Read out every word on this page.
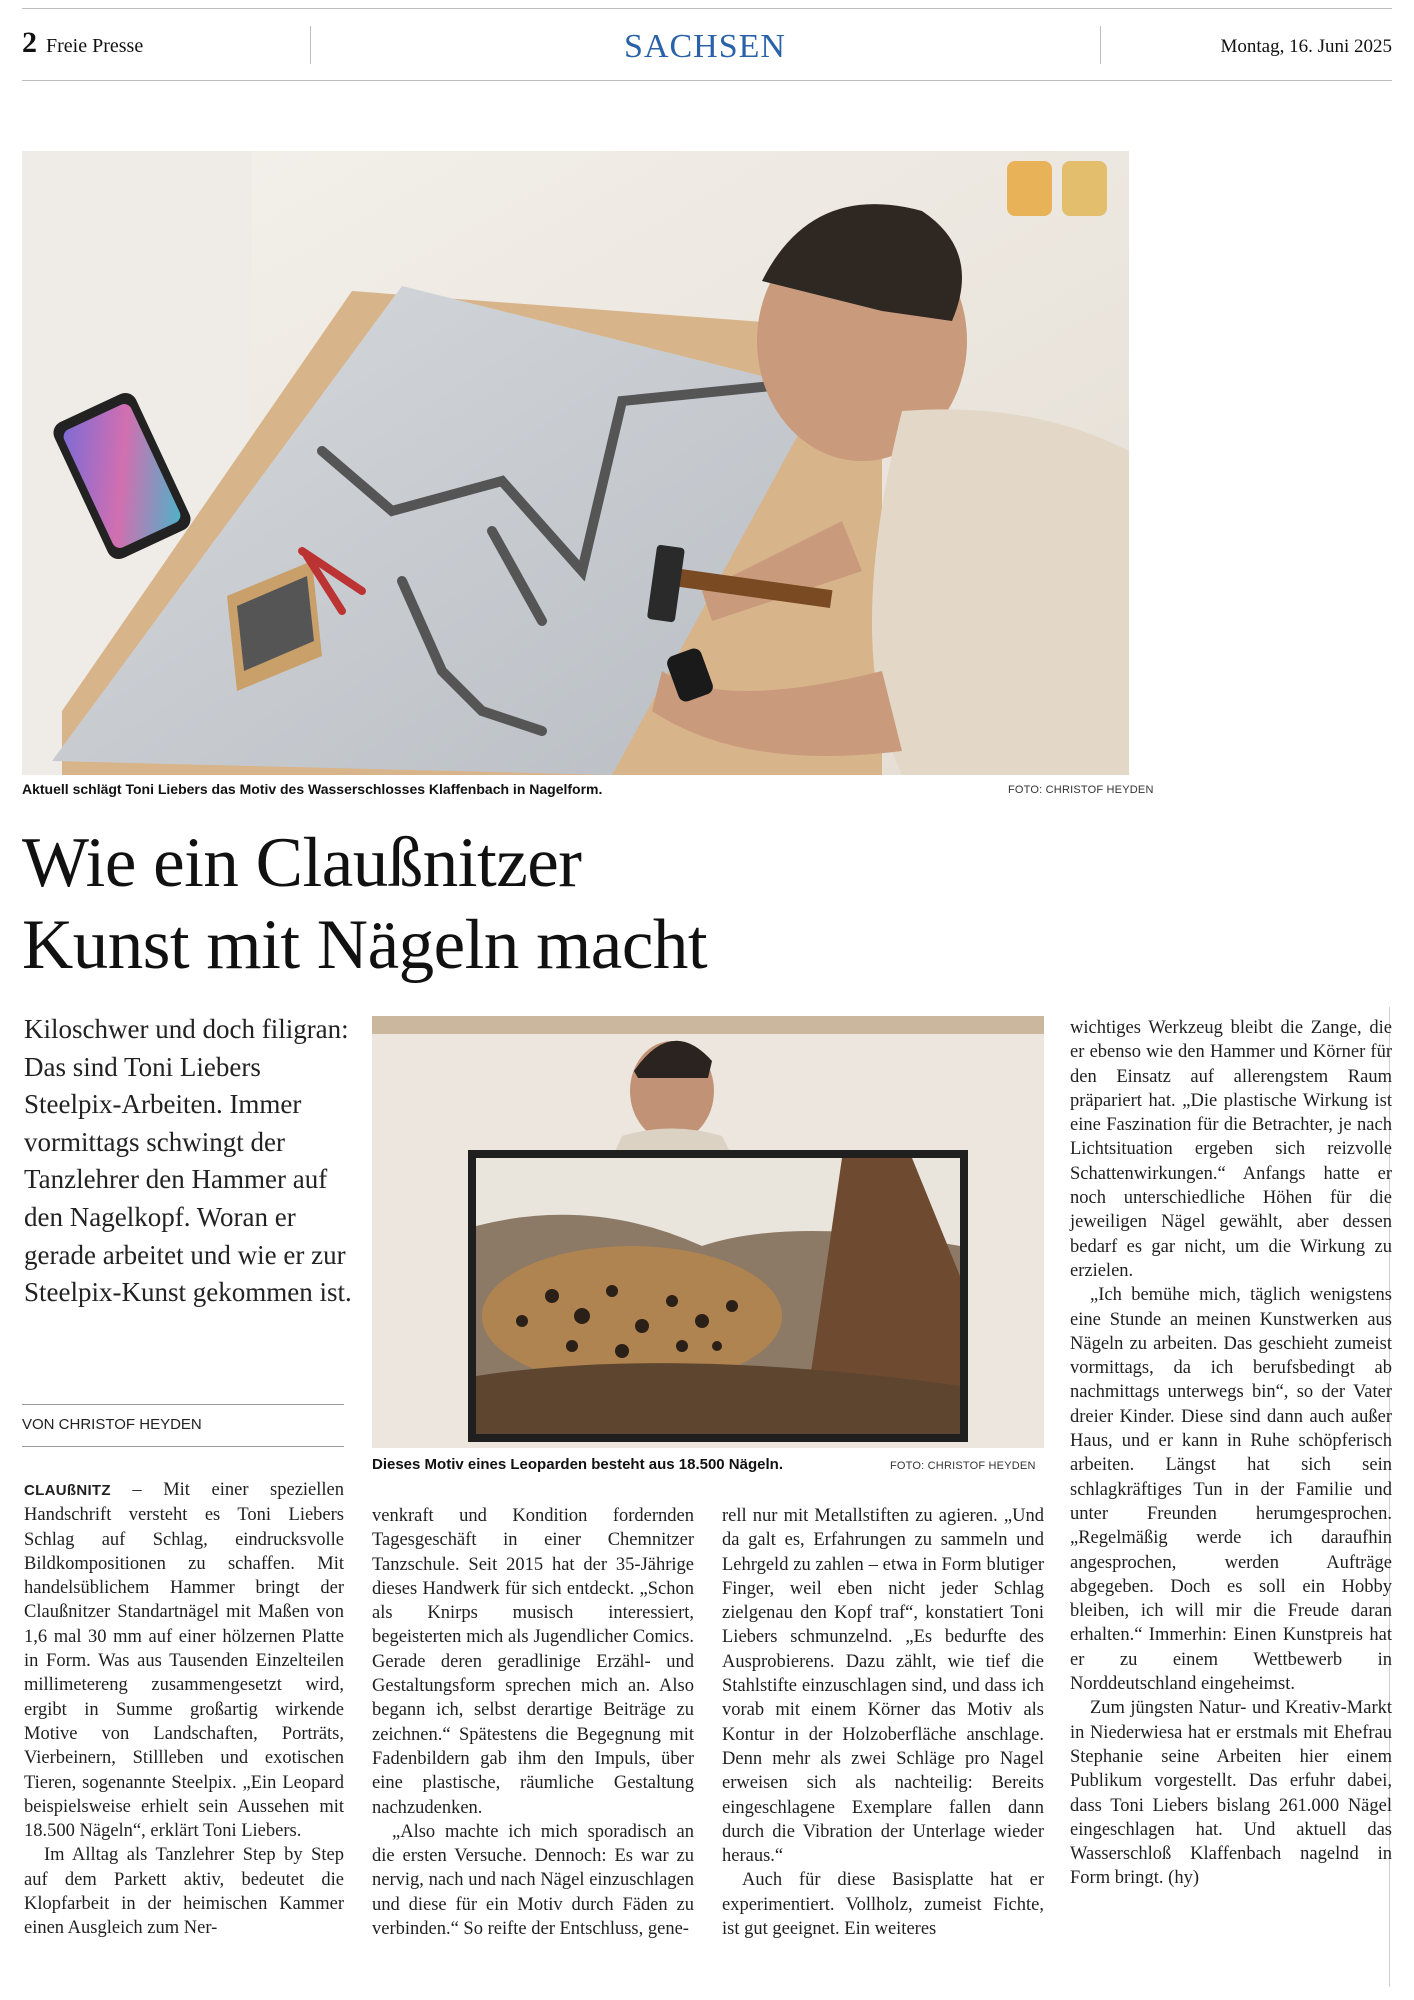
2 Freie Presse	SACHSEN	Montag, 16. Juni 2025
Aktuell schlägt Toni Liebers das Motiv des Wasserschlosses Klaffenbach in Nagelform.	FOTO: CHRISTOF HEYDEN
Wie ein Claußnitzer
Kunst mit Nägeln macht
Kiloschwer und doch filigran: Das sind Toni Liebers Steelpix-Arbeiten. Immer vormittags schwingt der Tanzlehrer den Hammer auf den Nagelkopf. Woran er gerade arbeitet und wie er zur Steelpix-Kunst gekommen ist.
VON CHRISTOF HEYDEN
Dieses Motiv eines Leoparden besteht aus 18.500 Nägeln.	FOTO: CHRISTOF HEYDEN

CLAUßNITZ – Mit einer speziellen Handschrift versteht es Toni Liebers Schlag auf Schlag, eindrucksvolle Bildkompositionen zu schaffen. Mit handelsüblichem Hammer bringt der Claußnitzer Standartnägel mit Maßen von 1,6 mal 30 mm auf einer hölzernen Platte in Form. Was aus Tausenden Einzelteilen millimetereng zusammengesetzt wird, ergibt in Summe großartig wirkende Motive von Landschaften, Porträts, Vierbeinern, Stillleben und exotischen Tieren, sogenannte Steelpix. „Ein Leopard beispielsweise erhielt sein Aussehen mit 18.500 Nägeln“, erklärt Toni Liebers.

Im Alltag als Tanzlehrer Step by Step auf dem Parkett aktiv, bedeutet die Klopfarbeit in der heimischen Kammer einen Ausgleich zum Ner-

venkraft und Kondition fordernden Tagesgeschäft in einer Chemnitzer Tanzschule. Seit 2015 hat der 35-Jährige dieses Handwerk für sich entdeckt. „Schon als Knirps musisch interessiert, begeisterten mich als Jugendlicher Comics. Gerade deren geradlinige Erzähl- und Gestaltungsform sprechen mich an. Also begann ich, selbst derartige Beiträge zu zeichnen.“ Spätestens die Begegnung mit Fadenbildern gab ihm den Impuls, über eine plastische, räumliche Gestaltung nachzudenken.

„Also machte ich mich sporadisch an die ersten Versuche. Dennoch: Es war zu nervig, nach und nach Nägel einzuschlagen und diese für ein Motiv durch Fäden zu verbinden.“ So reifte der Entschluss, gene-

rell nur mit Metallstiften zu agieren. „Und da galt es, Erfahrungen zu sammeln und Lehrgeld zu zahlen – etwa in Form blutiger Finger, weil eben nicht jeder Schlag zielgenau den Kopf traf“, konstatiert Toni Liebers schmunzelnd. „Es bedurfte des Ausprobierens. Dazu zählt, wie tief die Stahlstifte einzuschlagen sind, und dass ich vorab mit einem Körner das Motiv als Kontur in der Holzoberfläche anschlage. Denn mehr als zwei Schläge pro Nagel erweisen sich als nachteilig: Bereits eingeschlagene Exemplare fallen dann durch die Vibration der Unterlage wieder heraus.“

Auch für diese Basisplatte hat er experimentiert. Vollholz, zumeist Fichte, ist gut geeignet. Ein weiteres

wichtiges Werkzeug bleibt die Zange, die er ebenso wie den Hammer und Körner für den Einsatz auf allerengstem Raum präpariert hat. „Die plastische Wirkung ist eine Faszination für die Betrachter, je nach Lichtsituation ergeben sich reizvolle Schattenwirkungen.“ Anfangs hatte er noch unterschiedliche Höhen für die jeweiligen Nägel gewählt, aber dessen bedarf es gar nicht, um die Wirkung zu erzielen.

„Ich bemühe mich, täglich wenigstens eine Stunde an meinen Kunstwerken aus Nägeln zu arbeiten. Das geschieht zumeist vormittags, da ich berufsbedingt ab nachmittags unterwegs bin“, so der Vater dreier Kinder. Diese sind dann auch außer Haus, und er kann in Ruhe schöpferisch arbeiten. Längst hat sich sein schlagkräftiges Tun in der Familie und unter Freunden herumgesprochen. „Regelmäßig werde ich daraufhin angesprochen, werden Aufträge abgegeben. Doch es soll ein Hobby bleiben, ich will mir die Freude daran erhalten.“ Immerhin: Einen Kunstpreis hat er zu einem Wettbewerb in Norddeutschland eingeheimst.

Zum jüngsten Natur- und Kreativ-Markt in Niederwiesa hat er erstmals mit Ehefrau Stephanie seine Arbeiten hier einem Publikum vorgestellt. Das erfuhr dabei, dass Toni Liebers bislang 261.000 Nägel eingeschlagen hat. Und aktuell das Wasserschloß Klaffenbach nagelnd in Form bringt. (hy)
